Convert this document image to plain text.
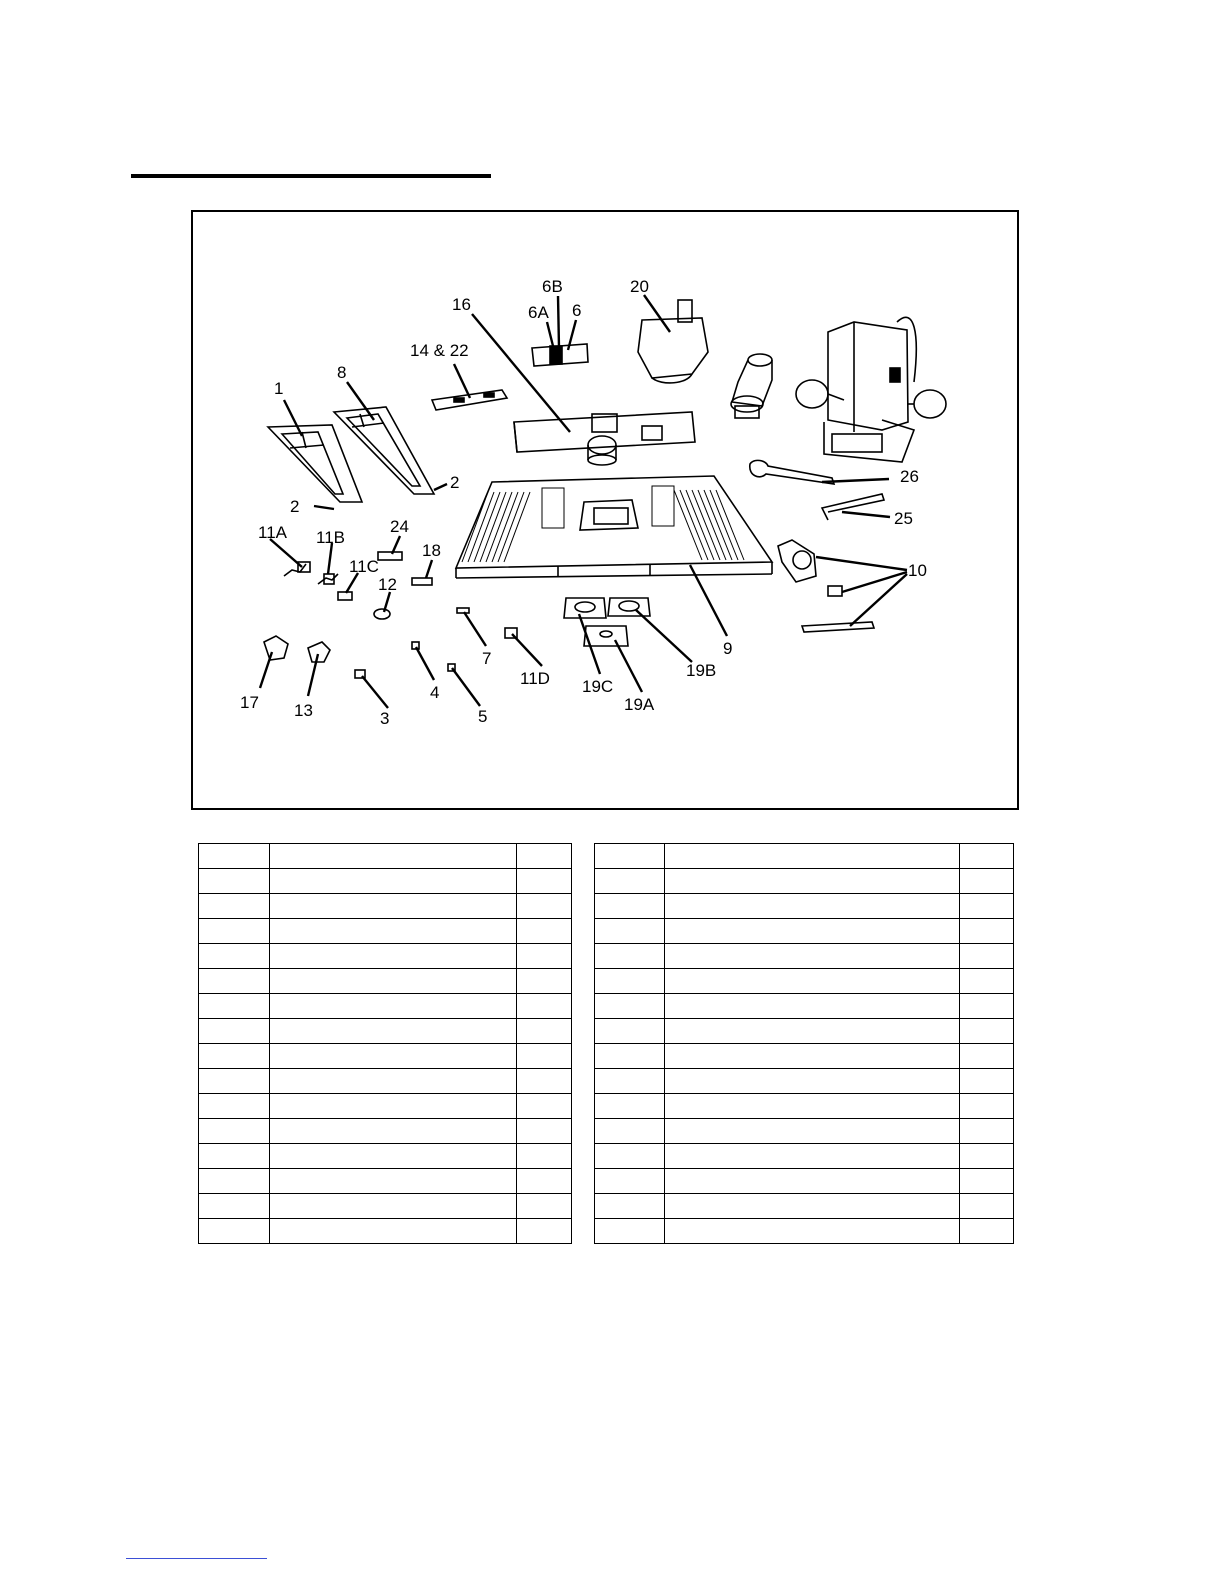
1
2
2
3
4
5
6
6A
6B
7
8
9
10
11A 11B
11C
11D
12
13
14 & 22
16
17
18
19A
19B
19C
20
24	25
26
